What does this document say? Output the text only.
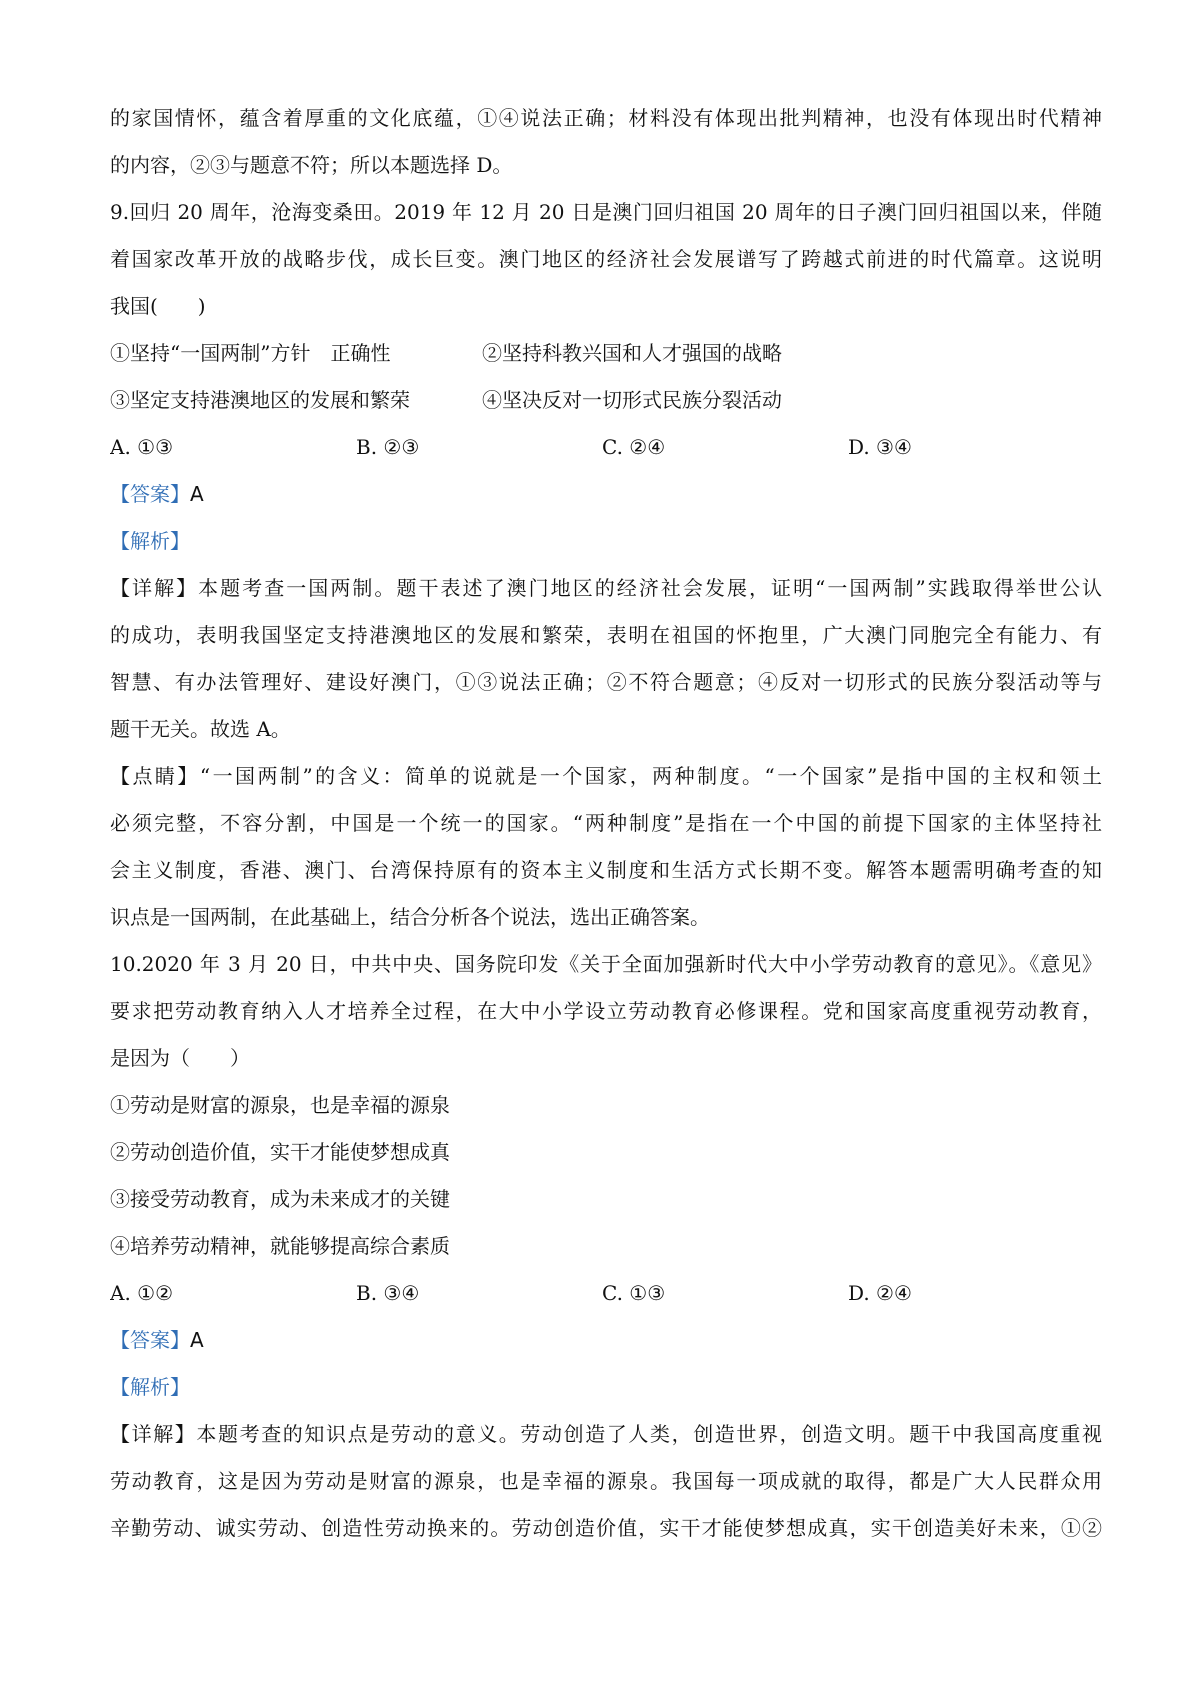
的家国情怀，蕴含着厚重的文化底蕴，①④说法正确；材料没有体现出批判精神，也没有体现出时代精神
的内容，②③与题意不符；所以本题选择 D。
9.回归 20 周年，沧海变桑田。2019 年 12 月 20 日是澳门回归祖国 20 周年的日子澳门回归祖国以来，伴随
着国家改革开放的战略步伐，成长巨变。澳门地区的经济社会发展谱写了跨越式前进的时代篇章。这说明
我国(　　)
①坚持“一国两制”方针　正确性	②坚持科教兴国和人才强国的战略
③坚定支持港澳地区的发展和繁荣	④坚决反对一切形式民族分裂活动
A. ①③	B. ②③	C. ②④	D. ③④
【答案】A
【解析】
【详解】本题考查一国两制。题干表述了澳门地区的经济社会发展，证明“一国两制”实践取得举世公认
的成功，表明我国坚定支持港澳地区的发展和繁荣，表明在祖国的怀抱里，广大澳门同胞完全有能力、有
智慧、有办法管理好、建设好澳门，①③说法正确；②不符合题意；④反对一切形式的民族分裂活动等与
题干无关。故选 A。
【点睛】“一国两制”的含义：简单的说就是一个国家，两种制度。“一个国家”是指中国的主权和领土
必须完整，不容分割，中国是一个统一的国家。“两种制度”是指在一个中国的前提下国家的主体坚持社
会主义制度，香港、澳门、台湾保持原有的资本主义制度和生活方式长期不变。解答本题需明确考查的知
识点是一国两制，在此基础上，结合分析各个说法，选出正确答案。
10.2020 年 3 月 20 日，中共中央、国务院印发《关于全面加强新时代大中小学劳动教育的意见》。《意见》
要求把劳动教育纳入人才培养全过程，在大中小学设立劳动教育必修课程。党和国家高度重视劳动教育，
是因为（　　）
①劳动是财富的源泉，也是幸福的源泉
②劳动创造价值，实干才能使梦想成真
③接受劳动教育，成为未来成才的关键
④培养劳动精神，就能够提高综合素质
A. ①②	B. ③④	C. ①③	D. ②④
【答案】A
【解析】
【详解】本题考查的知识点是劳动的意义。劳动创造了人类，创造世界，创造文明。题干中我国高度重视
劳动教育，这是因为劳动是财富的源泉，也是幸福的源泉。我国每一项成就的取得，都是广大人民群众用
辛勤劳动、诚实劳动、创造性劳动换来的。劳动创造价值，实干才能使梦想成真，实干创造美好未来，①②
